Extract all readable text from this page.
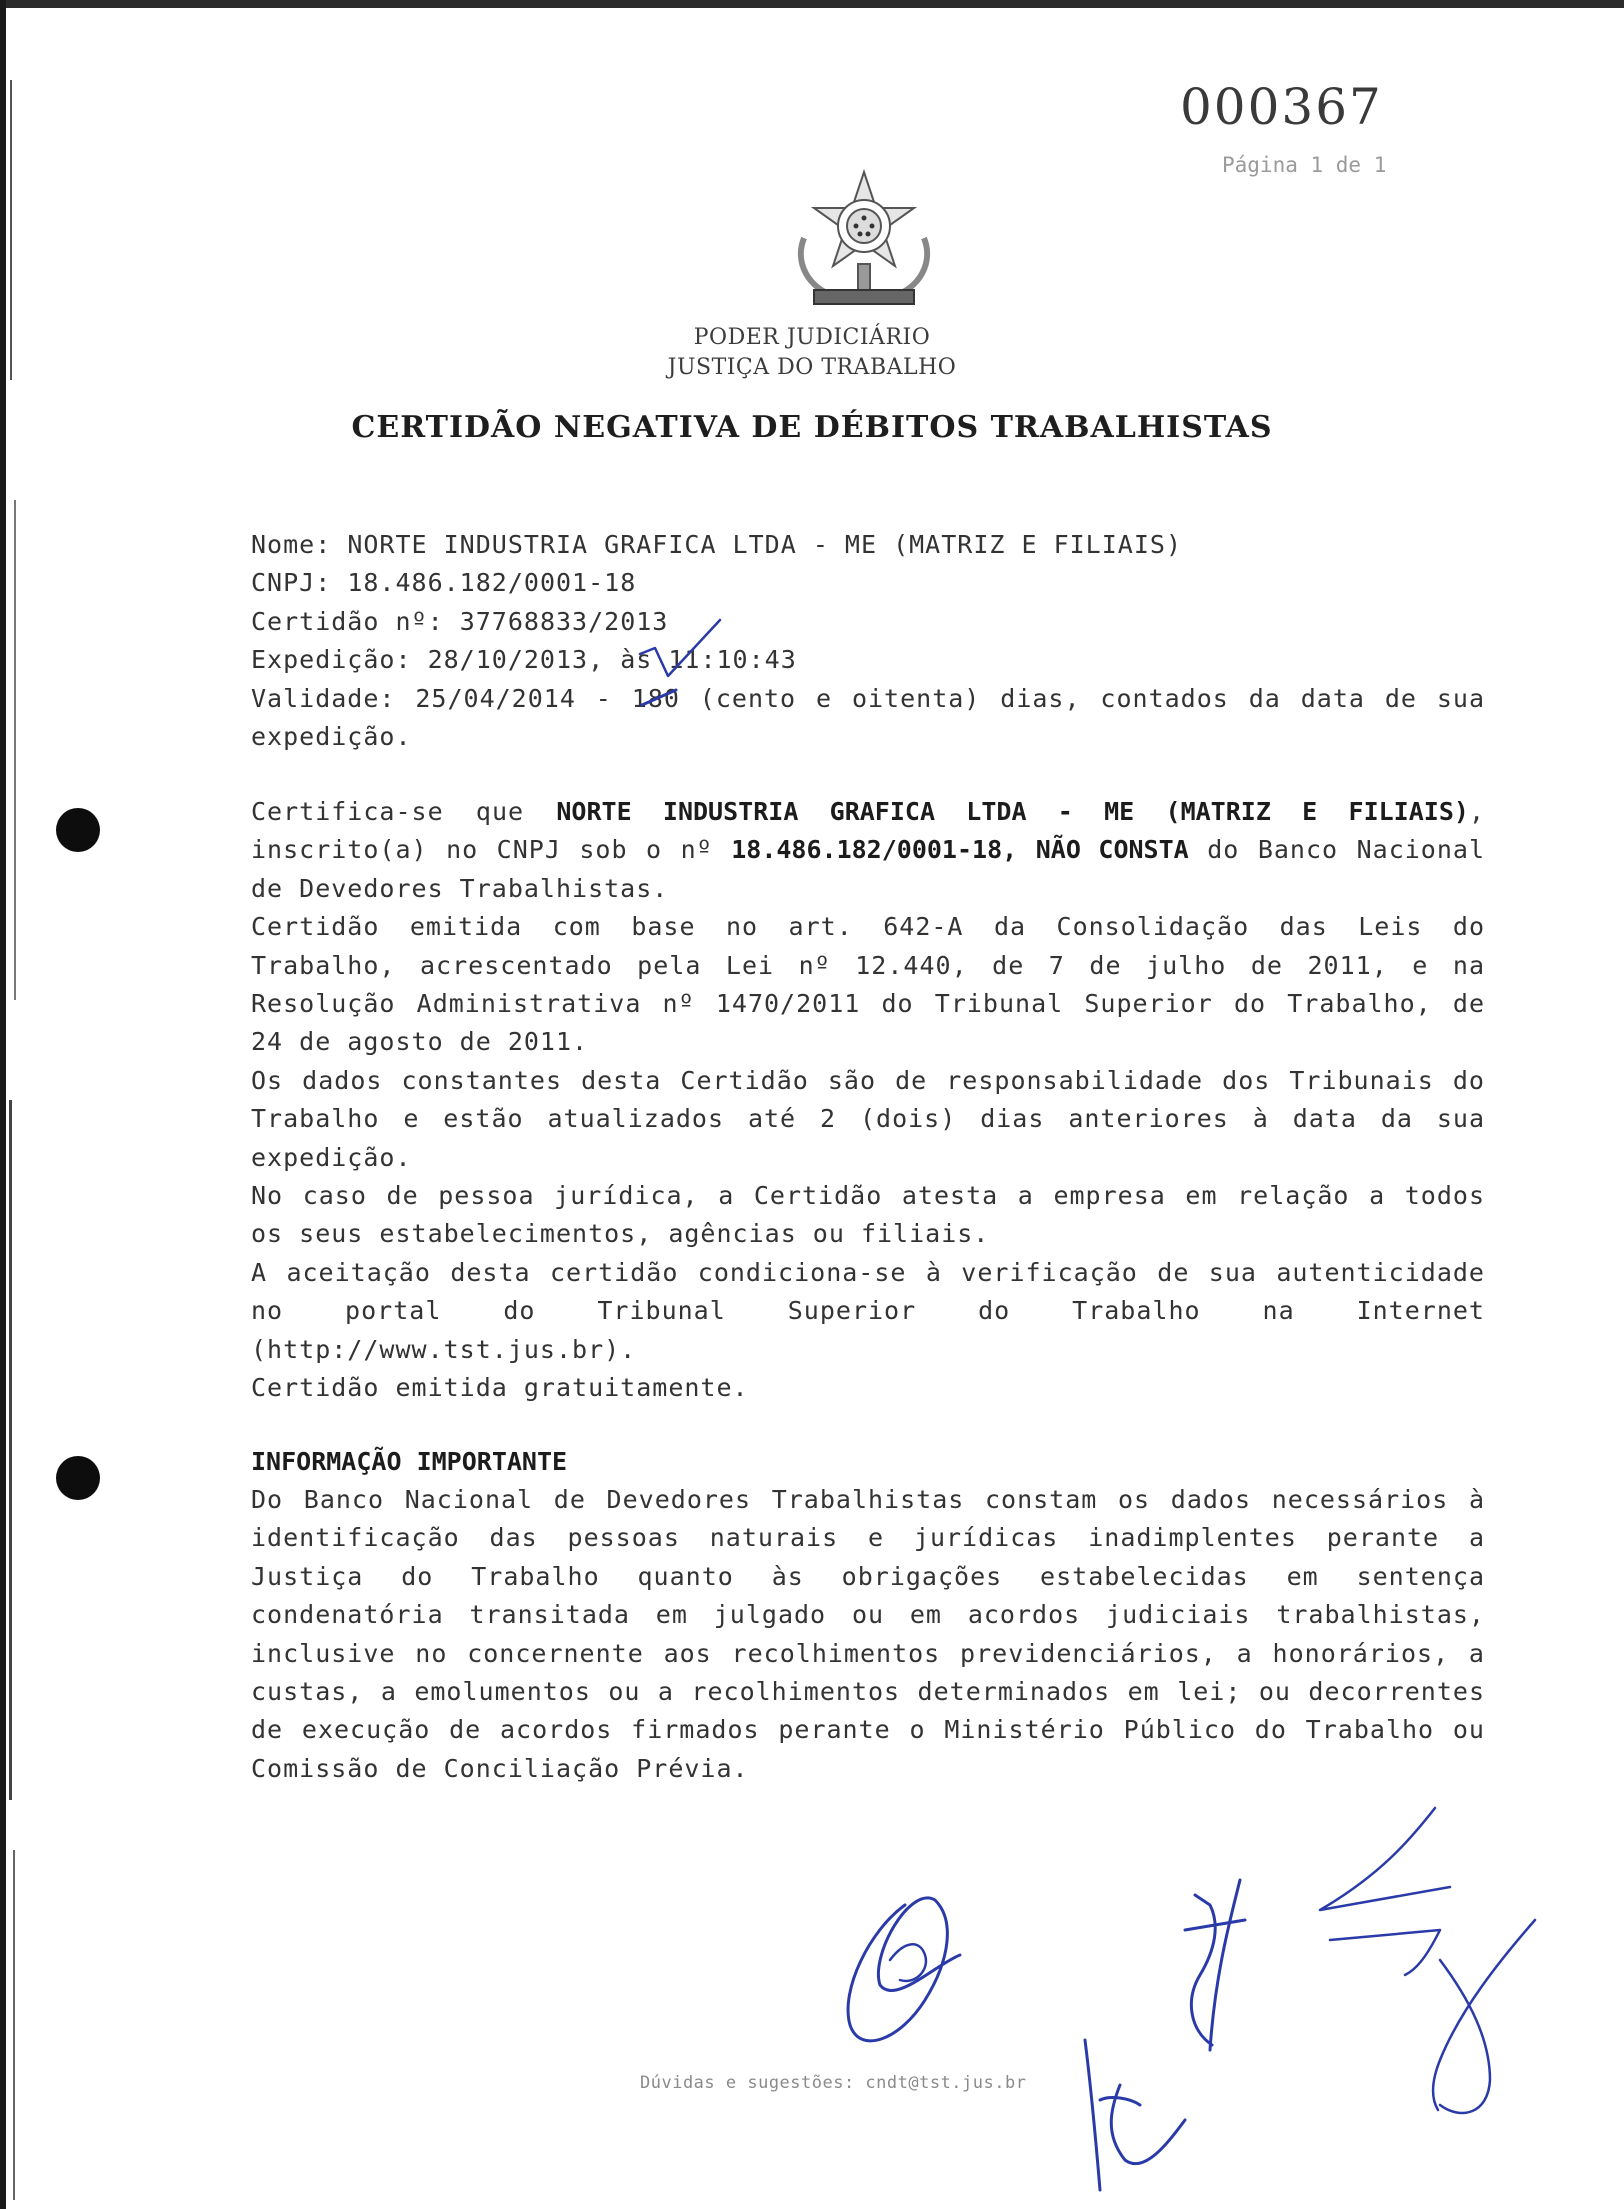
000367
Página 1 de 1
PODER JUDICIÁRIO
JUSTIÇA DO TRABALHO
CERTIDÃO NEGATIVA DE DÉBITOS TRABALHISTAS

Nome: NORTE INDUSTRIA GRAFICA LTDA - ME (MATRIZ E FILIAIS)

CNPJ: 18.486.182/0001-18

Certidão nº: 37768833/2013

Expedição: 28/10/2013, às 11:10:43

Validade: 25/04/2014 - 180 (cento e oitenta) dias, contados da data de sua expedição.

Certifica-se que NORTE INDUSTRIA GRAFICA LTDA - ME (MATRIZ E FILIAIS), inscrito(a) no CNPJ sob o nº 18.486.182/0001-18, NÃO CONSTA do Banco Nacional de Devedores Trabalhistas.

Certidão emitida com base no art. 642-A da Consolidação das Leis do Trabalho, acrescentado pela Lei nº 12.440, de 7 de julho de 2011, e na Resolução Administrativa nº 1470/2011 do Tribunal Superior do Trabalho, de 24 de agosto de 2011.

Os dados constantes desta Certidão são de responsabilidade dos Tribunais do Trabalho e estão atualizados até 2 (dois) dias anteriores à data da sua expedição.

No caso de pessoa jurídica, a Certidão atesta a empresa em relação a todos os seus estabelecimentos, agências ou filiais.

A aceitação desta certidão condiciona-se à verificação de sua autenticidade no portal do Tribunal Superior do Trabalho na Internet (http://www.tst.jus.br).

Certidão emitida gratuitamente.

INFORMAÇÃO IMPORTANTE

Do Banco Nacional de Devedores Trabalhistas constam os dados necessários à identificação das pessoas naturais e jurídicas inadimplentes perante a Justiça do Trabalho quanto às obrigações estabelecidas em sentença condenatória transitada em julgado ou em acordos judiciais trabalhistas, inclusive no concernente aos recolhimentos previdenciários, a honorários, a custas, a emolumentos ou a recolhimentos determinados em lei; ou decorrentes de execução de acordos firmados perante o Ministério Público do Trabalho ou Comissão de Conciliação Prévia.

Dúvidas e sugestões: cndt@tst.jus.br
